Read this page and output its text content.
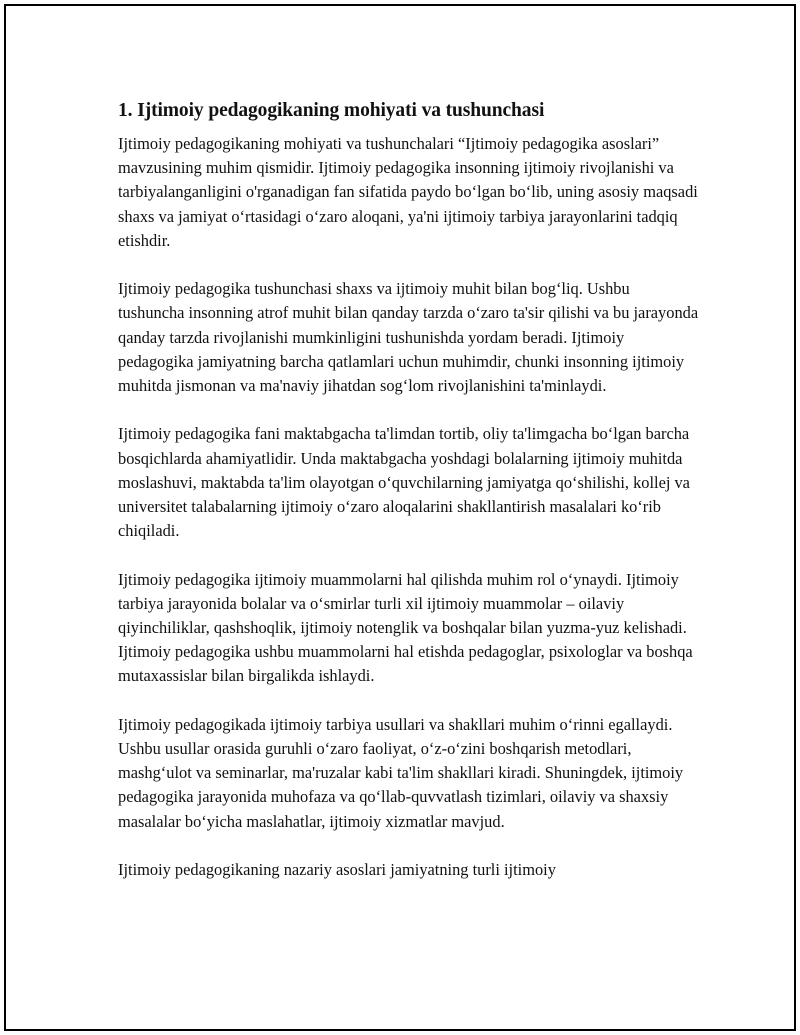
1. Ijtimoiy pedagogikaning mohiyati va tushunchasi

Ijtimoiy pedagogikaning mohiyati va tushunchalari “Ijtimoiy pedagogika asoslari” mavzusining muhim qismidir. Ijtimoiy pedagogika insonning ijtimoiy rivojlanishi va tarbiyalanganligini o'rganadigan fan sifatida paydo bo‘lgan bo‘lib, uning asosiy maqsadi shaxs va jamiyat o‘rtasidagi o‘zaro aloqani, ya'ni ijtimoiy tarbiya jarayonlarini tadqiq etishdir.

Ijtimoiy pedagogika tushunchasi shaxs va ijtimoiy muhit bilan bog‘liq. Ushbu tushuncha insonning atrof muhit bilan qanday tarzda o‘zaro ta'sir qilishi va bu jarayonda qanday tarzda rivojlanishi mumkinligini tushunishda yordam beradi. Ijtimoiy pedagogika jamiyatning barcha qatlamlari uchun muhimdir, chunki insonning ijtimoiy muhitda jismonan va ma'naviy jihatdan sog‘lom rivojlanishini ta'minlaydi.

Ijtimoiy pedagogika fani maktabgacha ta'limdan tortib, oliy ta'limgacha bo‘lgan barcha bosqichlarda ahamiyatlidir. Unda maktabgacha yoshdagi bolalarning ijtimoiy muhitda moslashuvi, maktabda ta'lim olayotgan o‘quvchilarning jamiyatga qo‘shilishi, kollej va universitet talabalarning ijtimoiy o‘zaro aloqalarini shakllantirish masalalari ko‘rib chiqiladi.

Ijtimoiy pedagogika ijtimoiy muammolarni hal qilishda muhim rol o‘ynaydi. Ijtimoiy tarbiya jarayonida bolalar va o‘smirlar turli xil ijtimoiy muammolar – oilaviy qiyinchiliklar, qashshoqlik, ijtimoiy notenglik va boshqalar bilan yuzma-yuz kelishadi. Ijtimoiy pedagogika ushbu muammolarni hal etishda pedagoglar, psixologlar va boshqa mutaxassislar bilan birgalikda ishlaydi.

Ijtimoiy pedagogikada ijtimoiy tarbiya usullari va shakllari muhim o‘rinni egallaydi. Ushbu usullar orasida guruhli o‘zaro faoliyat, o‘z-o‘zini boshqarish metodlari, mashg‘ulot va seminarlar, ma'ruzalar kabi ta'lim shakllari kiradi. Shuningdek, ijtimoiy pedagogika jarayonida muhofaza va qo‘llab-quvvatlash tizimlari, oilaviy va shaxsiy masalalar bo‘yicha maslahatlar, ijtimoiy xizmatlar mavjud.

Ijtimoiy pedagogikaning nazariy asoslari jamiyatning turli ijtimoiy
